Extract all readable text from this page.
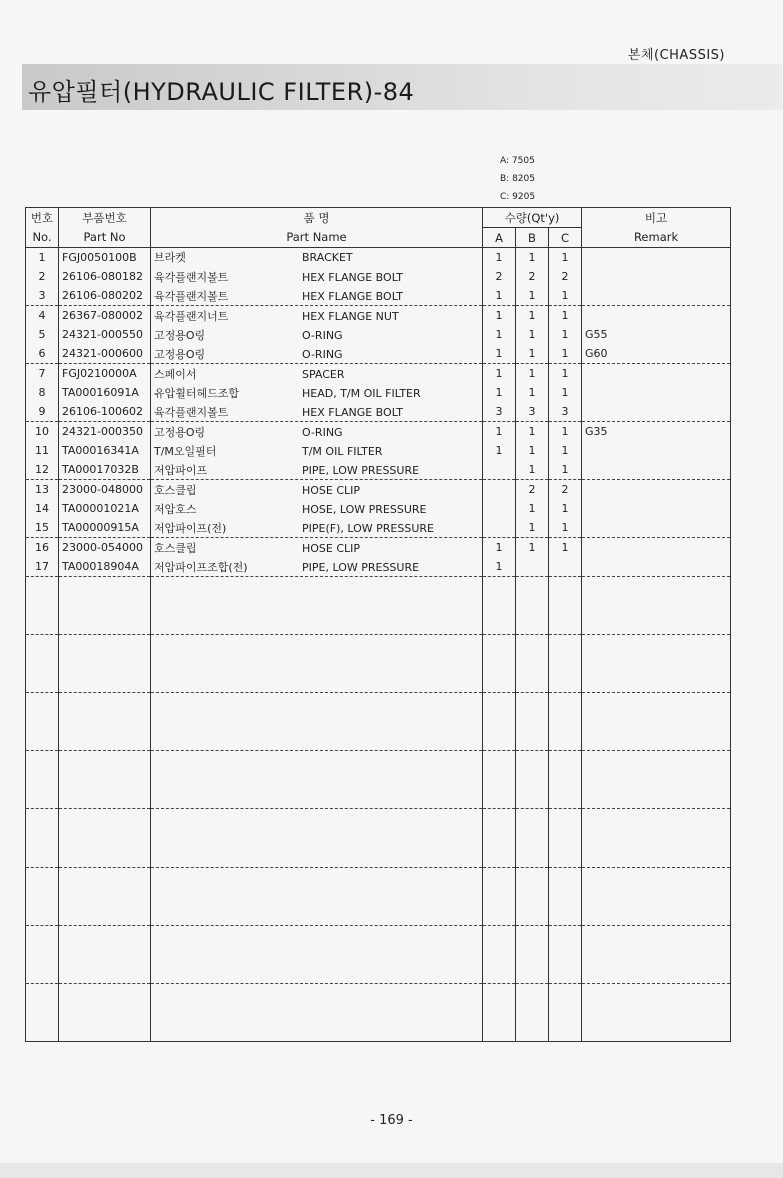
본체(CHASSIS)
유압필터(HYDRAULIC FILTER)-84
A: 7505
B: 8205
C: 9205
번호	부품번호	품 명	수량(Qt'y)			비고
No.	Part No	Part Name	A	B	C	Remark
1	FGJ0050100B	브라켓 BRACKET	1	1	1	
2	26106-080182	육각플랜지볼트 HEX FLANGE BOLT	2	2	2	
3	26106-080202	육각플랜지볼트 HEX FLANGE BOLT	1	1	1	
4	26367-080002	육각플랜지너트 HEX FLANGE NUT	1	1	1	
5	24321-000550	고정용O링 O-RING	1	1	1	G55
6	24321-000600	고정용O링 O-RING	1	1	1	G60
7	FGJ0210000A	스페이서 SPACER	1	1	1	
8	TA00016091A	유압휠터헤드조합 HEAD, T/M OIL FILTER	1	1	1	
9	26106-100602	육각플랜지볼트 HEX FLANGE BOLT	3	3	3	
10	24321-000350	고정용O링 O-RING	1	1	1	G35
11	TA00016341A	T/M오일필터 T/M OIL FILTER	1	1	1	
12	TA00017032B	저압파이프 PIPE, LOW PRESSURE		1	1	
13	23000-048000	호스클립 HOSE CLIP		2	2	
14	TA00001021A	저압호스 HOSE, LOW PRESSURE		1	1	
15	TA00000915A	저압파이프(전) PIPE(F), LOW PRESSURE		1	1	
16	23000-054000	호스클립 HOSE CLIP	1	1	1	
17	TA00018904A	저압파이프조합(전) PIPE, LOW PRESSURE	1			

- 169 -
